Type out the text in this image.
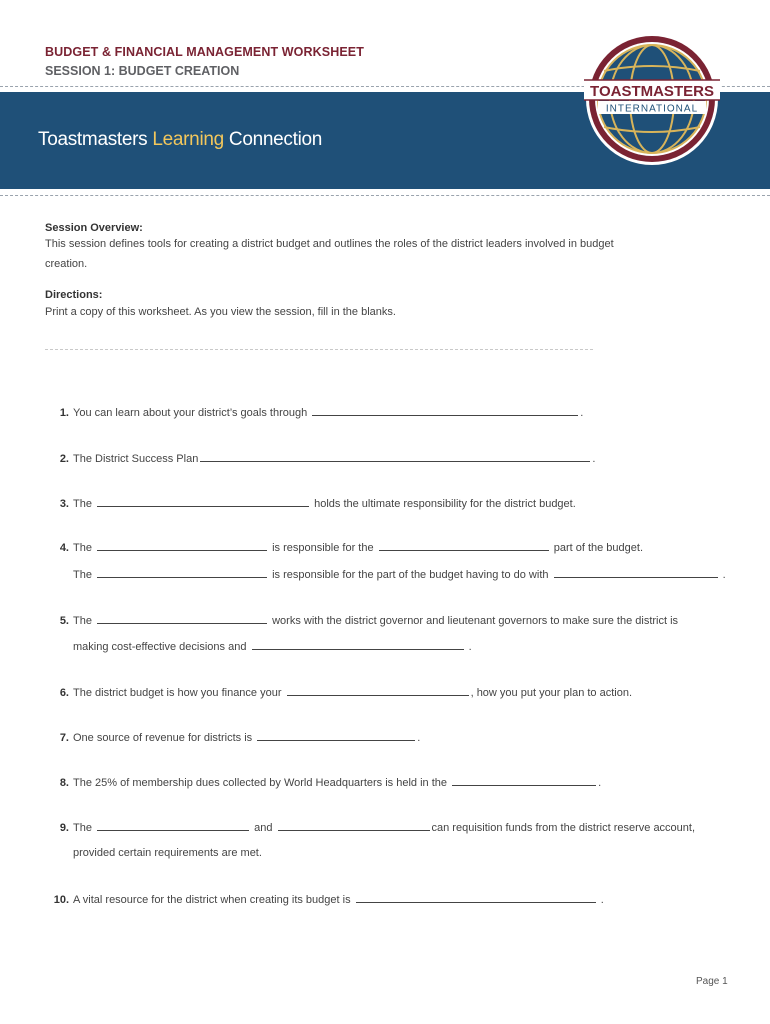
BUDGET & FINANCIAL MANAGEMENT WORKSHEET
SESSION 1: BUDGET CREATION
Toastmasters Learning Connection
TOASTMASTERS
INTERNATIONAL
Session Overview:
This session defines tools for creating a district budget and outlines the roles of the district leaders involved in budget creation.
Directions:
Print a copy of this worksheet. As you view the session, fill in the blanks.
1. You can learn about your district’s goals through	.
2. The District Success Plan	.
3. The	holds the ultimate responsibility for the district budget.
4. The	is responsible for the	part of the budget.
The	is responsible for the part of the budget having to do with	.
5. The	works with the district governor and lieutenant governors to make sure the district is
making cost-effective decisions and	.
6. The district budget is how you finance your	, how you put your plan to action.
7. One source of revenue for districts is	.
8. The 25% of membership dues collected by World Headquarters is held in the	.
9. The	and	can requisition funds from the district reserve account,
provided certain requirements are met.
10. A vital resource for the district when creating its budget is	.
Page 1
